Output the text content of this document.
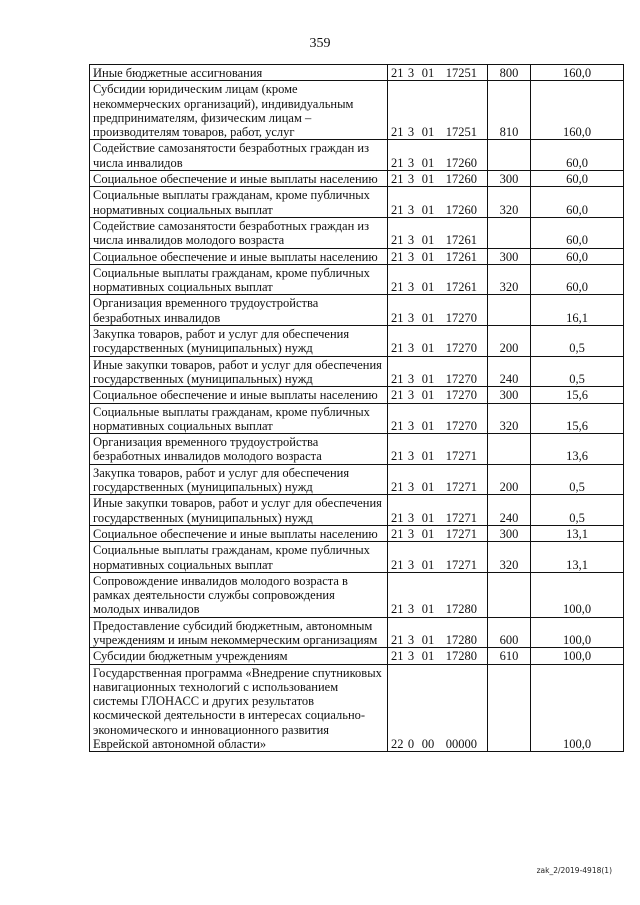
359
Иные бюджетные ассигнования	21 3 01 17251	800	160,0
Субсидии юридическим лицам (кроме некоммерческих организаций), индивидуальным предпринимателям, физическим лицам – производителям товаров, работ, услуг	21 3 01 17251	810	160,0
Содействие самозанятости безработных граждан из числа инвалидов	21 3 01 17260		60,0
Социальное обеспечение и иные выплаты населению	21 3 01 17260	300	60,0
Социальные выплаты гражданам, кроме публичных нормативных социальных выплат	21 3 01 17260	320	60,0
Содействие самозанятости безработных граждан из числа инвалидов молодого возраста	21 3 01 17261		60,0
Социальное обеспечение и иные выплаты населению	21 3 01 17261	300	60,0
Социальные выплаты гражданам, кроме публичных нормативных социальных выплат	21 3 01 17261	320	60,0
Организация временного трудоустройства безработных инвалидов	21 3 01 17270		16,1
Закупка товаров, работ и услуг для обеспечения государственных (муниципальных) нужд	21 3 01 17270	200	0,5
Иные закупки товаров, работ и услуг для обеспечения государственных (муниципальных) нужд	21 3 01 17270	240	0,5
Социальное обеспечение и иные выплаты населению	21 3 01 17270	300	15,6
Социальные выплаты гражданам, кроме публичных нормативных социальных выплат	21 3 01 17270	320	15,6
Организация временного трудоустройства безработных инвалидов молодого возраста	21 3 01 17271		13,6
Закупка товаров, работ и услуг для обеспечения государственных (муниципальных) нужд	21 3 01 17271	200	0,5
Иные закупки товаров, работ и услуг для обеспечения государственных (муниципальных) нужд	21 3 01 17271	240	0,5
Социальное обеспечение и иные выплаты населению	21 3 01 17271	300	13,1
Социальные выплаты гражданам, кроме публичных нормативных социальных выплат	21 3 01 17271	320	13,1
Сопровождение инвалидов молодого возраста в рамках деятельности службы сопровождения молодых инвалидов	21 3 01 17280		100,0
Предоставление субсидий бюджетным, автономным учреждениям и иным некоммерческим организациям	21 3 01 17280	600	100,0
Субсидии бюджетным учреждениям	21 3 01 17280	610	100,0
Государственная программа «Внедрение спутниковых навигационных технологий с использованием системы ГЛОНАСС и других результатов космической деятельности в интересах социально-экономического и инновационного развития Еврейской автономной области»	22 0 00 00000		100,0
zak_2/2019-4918(1)
